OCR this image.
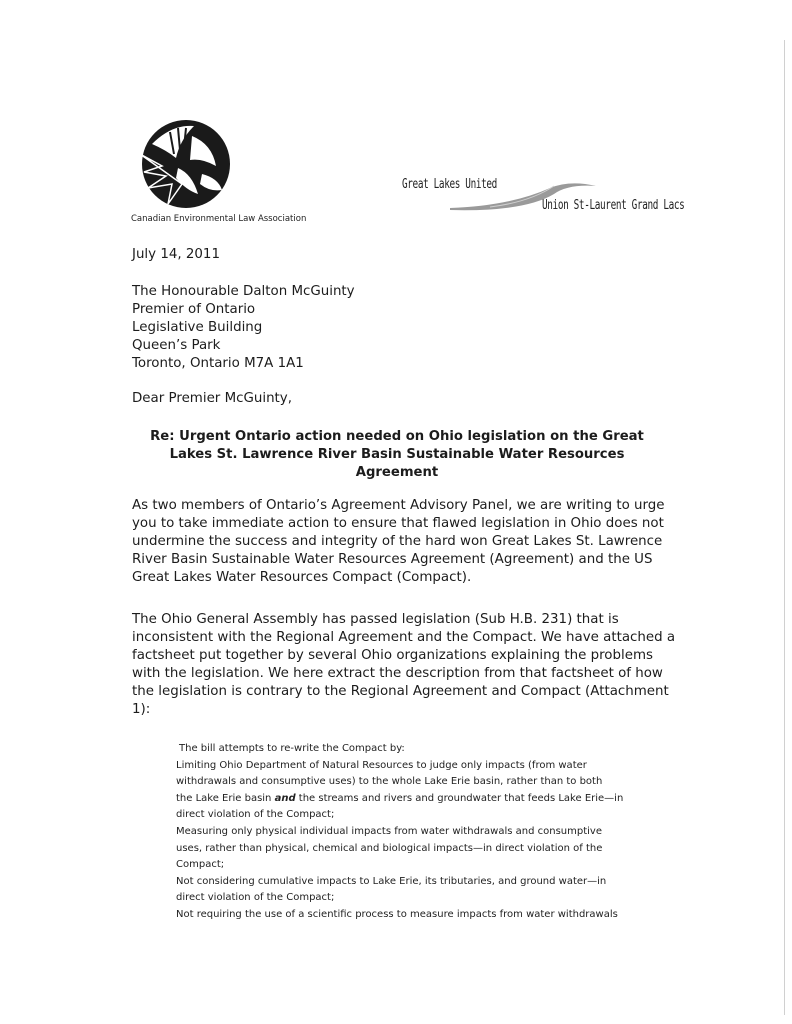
Canadian Environmental Law Association
Great Lakes United
Union St-Laurent Grand Lacs
July 14, 2011
The Honourable Dalton McGuinty
Premier of Ontario
Legislative Building
Queen’s Park
Toronto, Ontario M7A 1A1
Dear Premier McGuinty,
Re: Urgent Ontario action needed on Ohio legislation on the Great
Lakes St. Lawrence River Basin Sustainable Water Resources
Agreement
As two members of Ontario’s Agreement Advisory Panel, we are writing to urge
you to take immediate action to ensure that flawed legislation in Ohio does not
undermine the success and integrity of the hard won Great Lakes St. Lawrence
River Basin Sustainable Water Resources Agreement (Agreement) and the US
Great Lakes Water Resources Compact (Compact).
The Ohio General Assembly has passed legislation (Sub H.B. 231) that is
inconsistent with the Regional Agreement and the Compact. We have attached a
factsheet put together by several Ohio organizations explaining the problems
with the legislation. We here extract the description from that factsheet of how
the legislation is contrary to the Regional Agreement and Compact (Attachment
1):
The bill attempts to re-write the Compact by:
Limiting Ohio Department of Natural Resources to judge only impacts (from water
withdrawals and consumptive uses) to the whole Lake Erie basin, rather than to both
the Lake Erie basin and the streams and rivers and groundwater that feeds Lake Erie—in
direct violation of the Compact;
Measuring only physical individual impacts from water withdrawals and consumptive
uses, rather than physical, chemical and biological impacts—in direct violation of the
Compact;
Not considering cumulative impacts to Lake Erie, its tributaries, and ground water—in
direct violation of the Compact;
Not requiring the use of a scientific process to measure impacts from water withdrawals
